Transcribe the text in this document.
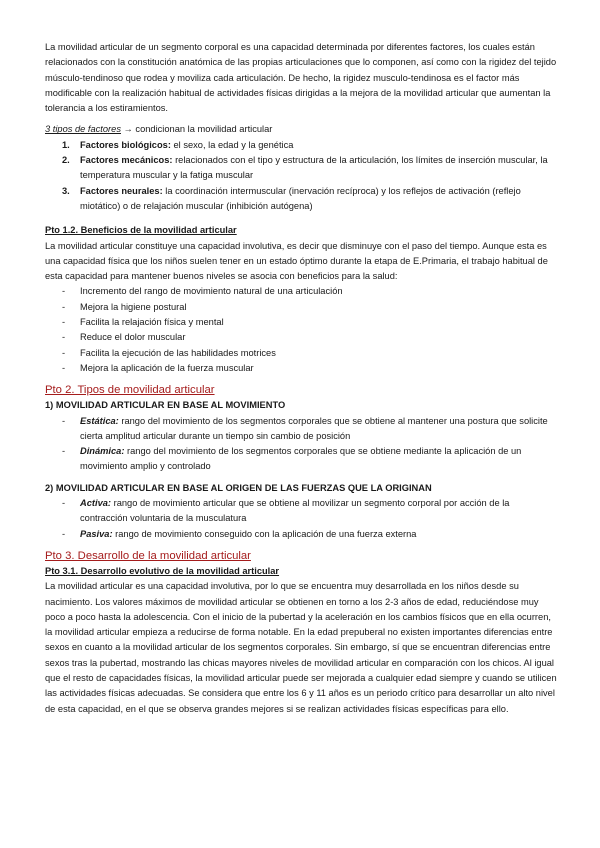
La movilidad articular de un segmento corporal es una capacidad determinada por diferentes factores, los cuales están relacionados con la constitución anatómica de las propias articulaciones que lo componen, así como con la rigidez del tejido músculo-tendinoso que rodea y moviliza cada articulación. De hecho, la rigidez musculo-tendinosa es el factor más modificable con la realización habitual de actividades físicas dirigidas a la mejora de la movilidad articular que aumentan la tolerancia a los estiramientos.

3 tipos de factores → condicionan la movilidad articular

1. Factores biológicos: el sexo, la edad y la genética
2. Factores mecánicos: relacionados con el tipo y estructura de la articulación, los límites de inserción muscular, la temperatura muscular y la fatiga muscular
3. Factores neurales: la coordinación intermuscular (inervación recíproca) y los reflejos de activación (reflejo miotático) o de relajación muscular (inhibición autógena)

Pto 1.2. Beneficios de la movilidad articular

La movilidad articular constituye una capacidad involutiva, es decir que disminuye con el paso del tiempo. Aunque esta es una capacidad física que los niños suelen tener en un estado óptimo durante la etapa de E.Primaria, el trabajo habitual de esta capacidad para mantener buenos niveles se asocia con beneficios para la salud:

- Incremento del rango de movimiento natural de una articulación
- Mejora la higiene postural
- Facilita la relajación física y mental
- Reduce el dolor muscular
- Facilita la ejecución de las habilidades motrices
- Mejora la aplicación de la fuerza muscular

Pto 2. Tipos de movilidad articular

1) MOVILIDAD ARTICULAR EN BASE AL MOVIMIENTO

- Estática: rango del movimiento de los segmentos corporales que se obtiene al mantener una postura que solicite cierta amplitud articular durante un tiempo sin cambio de posición
- Dinámica: rango del movimiento de los segmentos corporales que se obtiene mediante la aplicación de un movimiento amplio y controlado

2) MOVILIDAD ARTICULAR EN BASE AL ORIGEN DE LAS FUERZAS QUE LA ORIGINAN

- Activa: rango de movimiento articular que se obtiene al movilizar un segmento corporal por acción de la contracción voluntaria de la musculatura
- Pasiva: rango de movimiento conseguido con la aplicación de una fuerza externa

Pto 3. Desarrollo de la movilidad articular

Pto 3.1. Desarrollo evolutivo de la movilidad articular

La movilidad articular es una capacidad involutiva, por lo que se encuentra muy desarrollada en los niños desde su nacimiento. Los valores máximos de movilidad articular se obtienen en torno a los 2-3 años de edad, reduciéndose muy poco a poco hasta la adolescencia. Con el inicio de la pubertad y la aceleración en los cambios físicos que en ella ocurren, la movilidad articular empieza a reducirse de forma notable. En la edad prepuberal no existen importantes diferencias entre sexos en cuanto a la movilidad articular de los segmentos corporales. Sin embargo, sí que se encuentran diferencias entre sexos tras la pubertad, mostrando las chicas mayores niveles de movilidad articular en comparación con los chicos. Al igual que el resto de capacidades físicas, la movilidad articular puede ser mejorada a cualquier edad siempre y cuando se utilicen las actividades físicas adecuadas. Se considera que entre los 6 y 11 años es un periodo crítico para desarrollar un alto nivel de esta capacidad, en el que se observa grandes mejores si se realizan actividades físicas específicas para ello.
